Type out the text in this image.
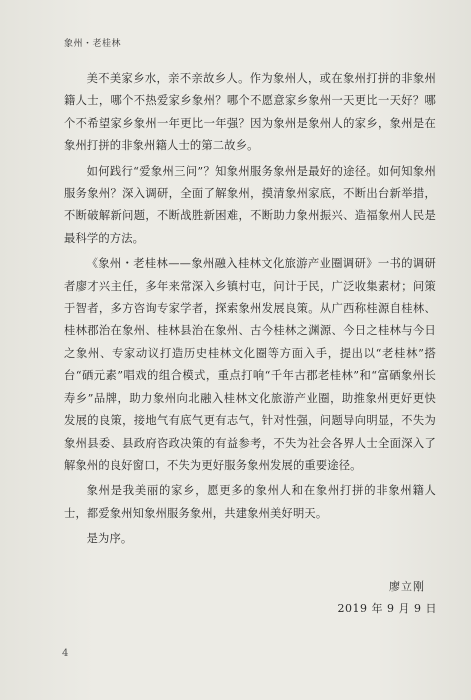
象州・老桂林

美不美家乡水，亲不亲故乡人。作为象州人，或在象州打拼的非象州籍人士，哪个不热爱家乡象州？哪个不愿意家乡象州一天更比一天好？哪个不希望家乡象州一年更比一年强？因为象州是象州人的家乡，象州是在象州打拼的非象州籍人士的第二故乡。

如何践行“爱象州三问”？知象州服务象州是最好的途径。如何知象州服务象州？深入调研，全面了解象州，摸清象州家底，不断出台新举措，不断破解新问题，不断战胜新困难，不断助力象州振兴、造福象州人民是最科学的方法。

《象州・老桂林——象州融入桂林文化旅游产业圈调研》一书的调研者廖才兴主任，多年来常深入乡镇村屯，问计于民，广泛收集素材；问策于智者，多方咨询专家学者，探索象州发展良策。从广西称桂源自桂林、桂林郡治在象州、桂林县治在象州、古今桂林之渊源、今日之桂林与今日之象州、专家动议打造历史桂林文化圈等方面入手，提出以“老桂林”搭台“硒元素”唱戏的组合模式，重点打响“千年古郡老桂林”和“富硒象州长寿乡”品牌，助力象州向北融入桂林文化旅游产业圈，助推象州更好更快发展的良策，接地气有底气更有志气，针对性强，问题导向明显，不失为象州县委、县政府咨政决策的有益参考，不失为社会各界人士全面深入了解象州的良好窗口，不失为更好服务象州发展的重要途径。

象州是我美丽的家乡，愿更多的象州人和在象州打拼的非象州籍人士，都爱象州知象州服务象州，共建象州美好明天。

是为序。

廖立刚
2019 年 9 月 9 日
4
